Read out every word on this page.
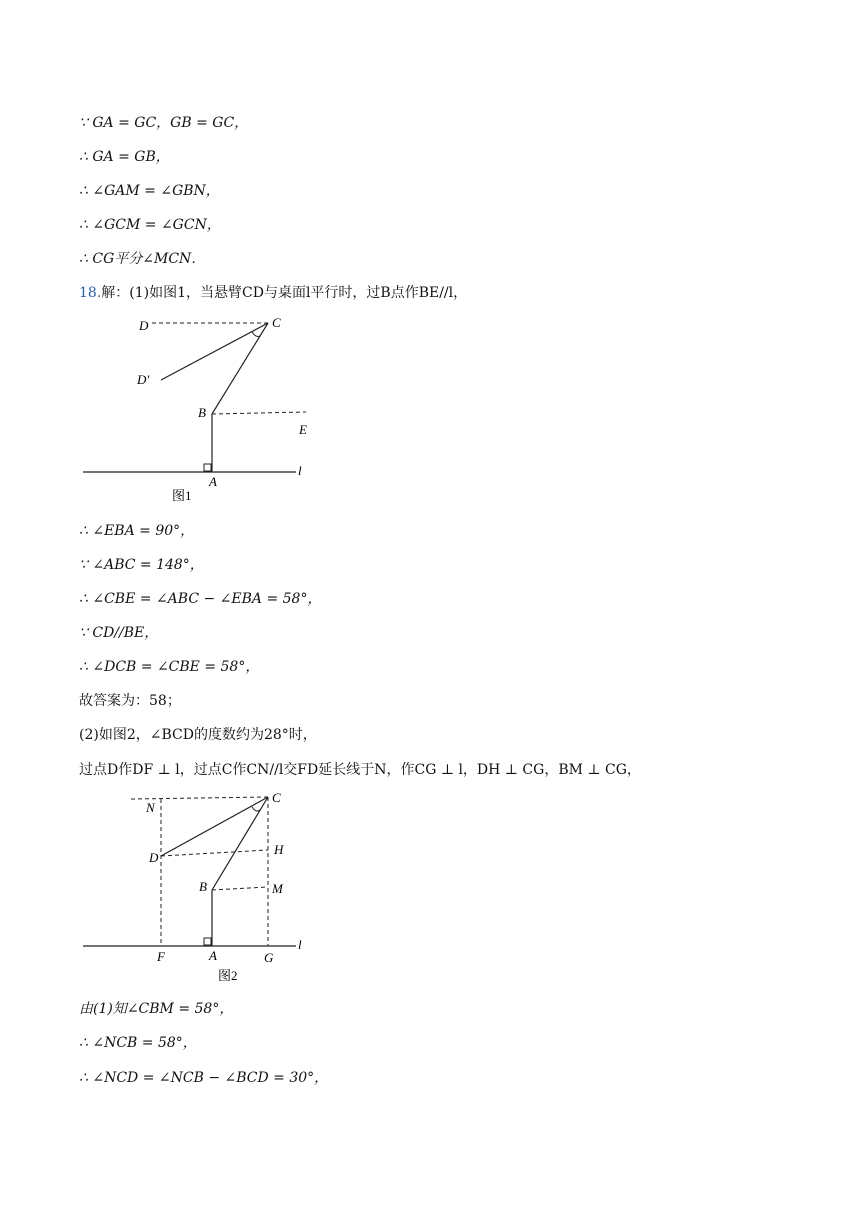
∵ GA = GC，GB = GC，
∴ GA = GB，
∴ ∠GAM = ∠GBN，
∴ ∠GCM = ∠GCN，
∴ CG平分∠MCN．
18.解：(1)如图1，当悬臂CD与桌面l平行时，过B点作BE//l，
D	C
D′
B
E
A
l
图1
∴ ∠EBA = 90°，
∵ ∠ABC = 148°，
∴ ∠CBE = ∠ABC − ∠EBA = 58°，
∵ CD//BE，
∴ ∠DCB = ∠CBE = 58°，
故答案为：58；
(2)如图2，∠BCD的度数约为28°时，
过点D作DF ⊥ l，过点C作CN//l交FD延长线于N，作CG ⊥ l，DH ⊥ CG，BM ⊥ CG，
N
C
D
H
B	M
F	A	G
l
图2
由(1)知∠CBM = 58°，
∴ ∠NCB = 58°，
∴ ∠NCD = ∠NCB − ∠BCD = 30°，
